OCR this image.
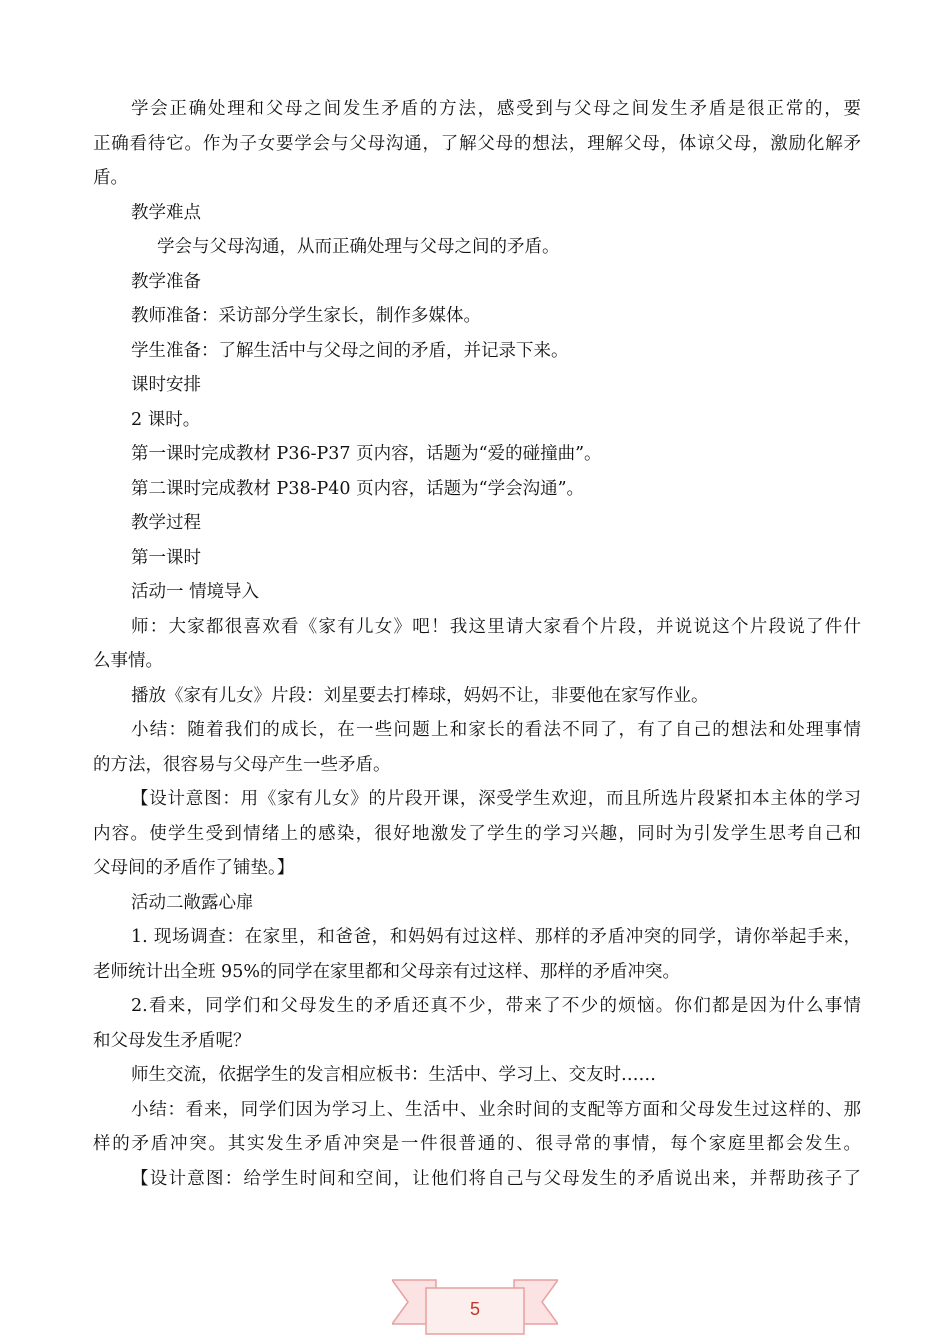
学会正确处理和父母之间发生矛盾的方法，感受到与父母之间发生矛盾是很正常的，要
正确看待它。作为子女要学会与父母沟通，了解父母的想法，理解父母，体谅父母，激励化解矛
盾。
教学难点
学会与父母沟通，从而正确处理与父母之间的矛盾。
教学准备
教师准备：采访部分学生家长，制作多媒体。
学生准备：了解生活中与父母之间的矛盾，并记录下来。
课时安排
2 课时。
第一课时完成教材 P36-P37 页内容，话题为“爱的碰撞曲”。
第二课时完成教材 P38-P40 页内容，话题为“学会沟通”。
教学过程
第一课时
活动一 情境导入
师：大家都很喜欢看《家有儿女》吧！我这里请大家看个片段，并说说这个片段说了件什
么事情。
播放《家有儿女》片段：刘星要去打棒球，妈妈不让，非要他在家写作业。
小结：随着我们的成长，在一些问题上和家长的看法不同了，有了自己的想法和处理事情
的方法，很容易与父母产生一些矛盾。
【设计意图：用《家有儿女》的片段开课，深受学生欢迎，而且所选片段紧扣本主体的学习
内容。使学生受到情绪上的感染，很好地激发了学生的学习兴趣，同时为引发学生思考自己和
父母间的矛盾作了铺垫。】
活动二敞露心扉
1. 现场调查：在家里，和爸爸，和妈妈有过这样、那样的矛盾冲突的同学，请你举起手来，
老师统计出全班 95%的同学在家里都和父母亲有过这样、那样的矛盾冲突。
2.看来，同学们和父母发生的矛盾还真不少，带来了不少的烦恼。你们都是因为什么事情
和父母发生矛盾呢？
师生交流，依据学生的发言相应板书：生活中、学习上、交友时……
小结：看来，同学们因为学习上、生活中、业余时间的支配等方面和父母发生过这样的、那
样的矛盾冲突。其实发生矛盾冲突是一件很普通的、很寻常的事情，每个家庭里都会发生。
【设计意图：给学生时间和空间，让他们将自己与父母发生的矛盾说出来，并帮助孩子了
5
